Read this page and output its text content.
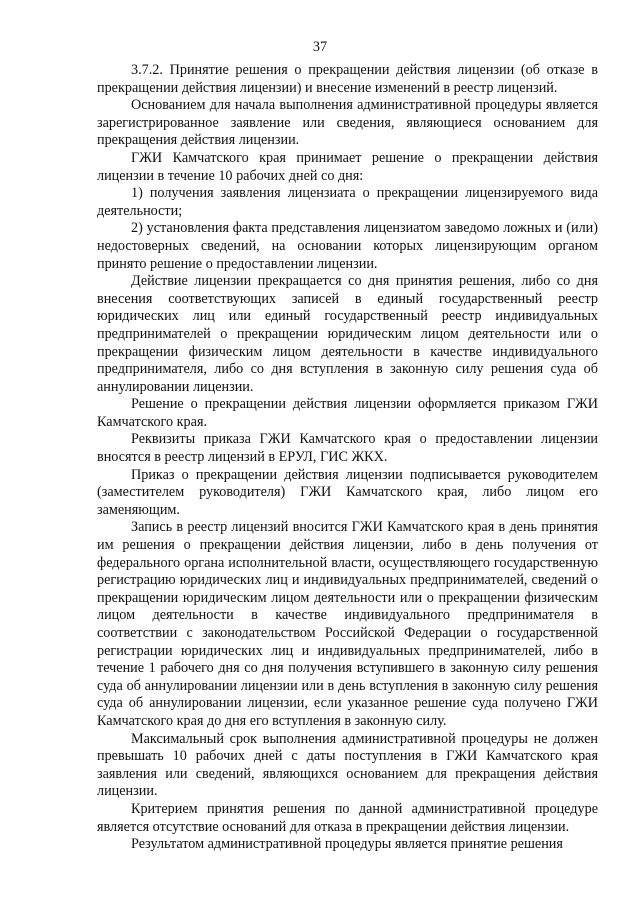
37

3.7.2. Принятие решения о прекращении действия лицензии (об отказе в прекращении действия лицензии) и внесение изменений в реестр лицензий.

Основанием для начала выполнения административной процедуры является зарегистрированное заявление или сведения, являющиеся основанием для прекращения действия лицензии.

ГЖИ Камчатского края принимает решение о прекращении действия лицензии в течение 10 рабочих дней со дня:

1) получения заявления лицензиата о прекращении лицензируемого вида деятельности;

2) установления факта представления лицензиатом заведомо ложных и (или) недостоверных сведений, на основании которых лицензирующим органом принято решение о предоставлении лицензии.

Действие лицензии прекращается со дня принятия решения, либо со дня внесения соответствующих записей в единый государственный реестр юридических лиц или единый государственный реестр индивидуальных предпринимателей о прекращении юридическим лицом деятельности или о прекращении физическим лицом деятельности в качестве индивидуального предпринимателя, либо со дня вступления в законную силу решения суда об аннулировании лицензии.

Решение о прекращении действия лицензии оформляется приказом ГЖИ Камчатского края.

Реквизиты приказа ГЖИ Камчатского края о предоставлении лицензии вносятся в реестр лицензий в ЕРУЛ, ГИС ЖКХ.

Приказ о прекращении действия лицензии подписывается руководителем (заместителем руководителя) ГЖИ Камчатского края, либо лицом его заменяющим.

Запись в реестр лицензий вносится ГЖИ Камчатского края в день принятия им решения о прекращении действия лицензии, либо в день получения от федерального органа исполнительной власти, осуществляющего государственную регистрацию юридических лиц и индивидуальных предпринимателей, сведений о прекращении юридическим лицом деятельности или о прекращении физическим лицом деятельности в качестве индивидуального предпринимателя в соответствии с законодательством Российской Федерации о государственной регистрации юридических лиц и индивидуальных предпринимателей, либо в течение 1 рабочего дня со дня получения вступившего в законную силу решения суда об аннулировании лицензии или в день вступления в законную силу решения суда об аннулировании лицензии, если указанное решение суда получено ГЖИ Камчатского края до дня его вступления в законную силу.

Максимальный срок выполнения административной процедуры не должен превышать 10 рабочих дней с даты поступления в ГЖИ Камчатского края заявления или сведений, являющихся основанием для прекращения действия лицензии.

Критерием принятия решения по данной административной процедуре является отсутствие оснований для отказа в прекращении действия лицензии.

Результатом административной процедуры является принятие решения
